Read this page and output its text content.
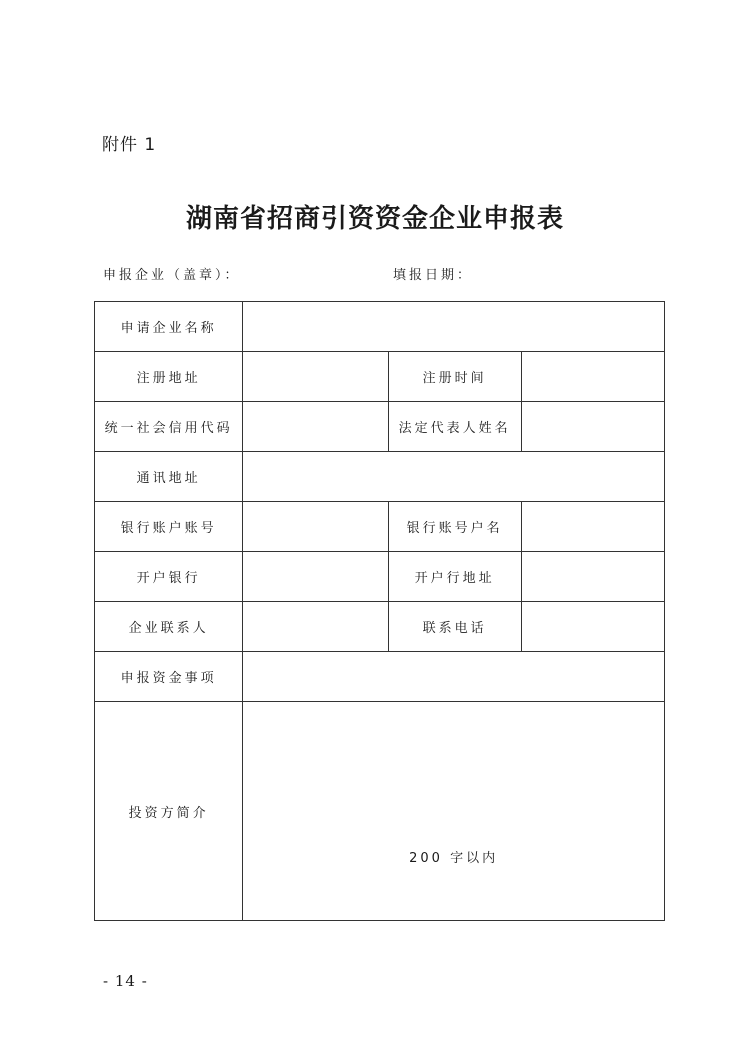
附件 1
湖南省招商引资资金企业申报表
申报企业（盖章）：	填报日期：
申请企业名称			
注册地址		注册时间	
统一社会信用代码		法定代表人姓名	
通讯地址			
银行账户账号		银行账号户名	
开户银行		开户行地址	
企业联系人		联系电话	
申报资金事项			
投资方简介	200 字以内		
- 14 -
